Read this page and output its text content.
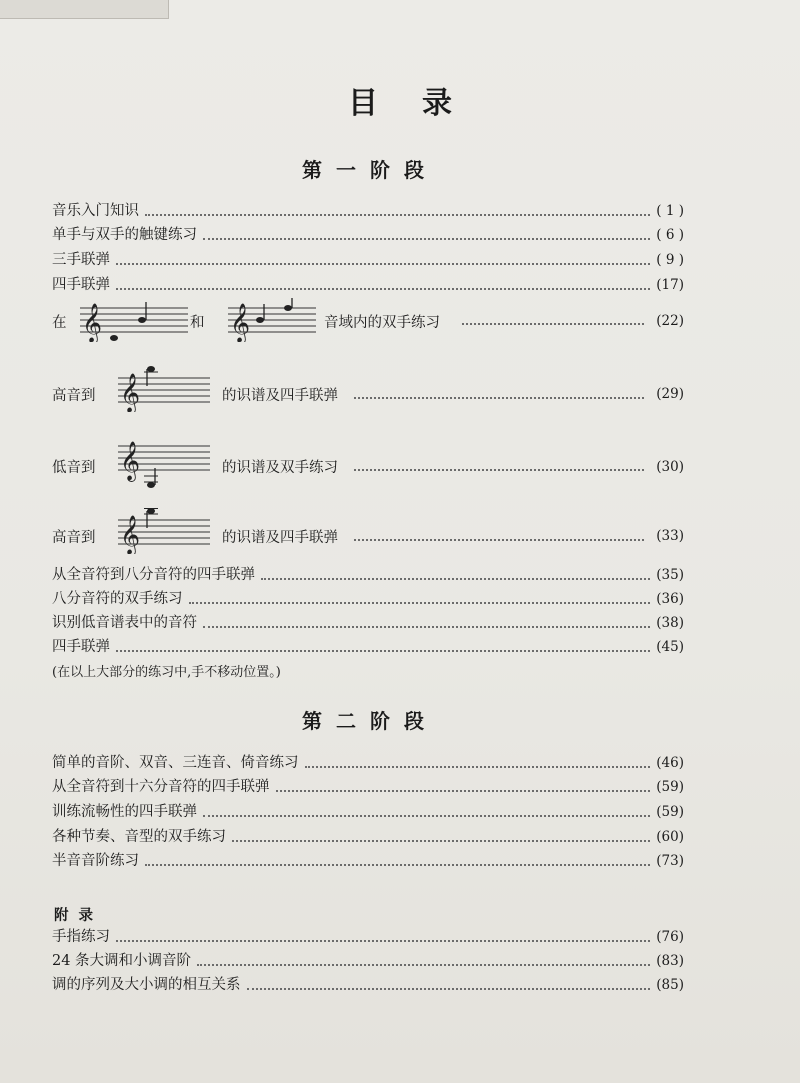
目录
第一阶段
音乐入门知识	( 1 )
单手与双手的触键练习	( 6 )
三手联弹	( 9 )
四手联弹	(17)
在 𝄞	和 𝄞	音域内的双手练习	(22)
高音到 𝄞	的识谱及四手联弹	(29)
低音到 𝄞	的识谱及双手练习	(30)
高音到 𝄞	的识谱及四手联弹	(33)
从全音符到八分音符的四手联弹	(35)
八分音符的双手练习	(36)
识别低音谱表中的音符	(38)
四手联弹	(45)
(在以上大部分的练习中,手不移动位置。)
第二阶段
简单的音阶、双音、三连音、倚音练习	(46)
从全音符到十六分音符的四手联弹	(59)
训练流畅性的四手联弹	(59)
各种节奏、音型的双手练习	(60)
半音音阶练习	(73)
附录
手指练习	(76)
24 条大调和小调音阶	(83)
调的序列及大小调的相互关系	(85)
